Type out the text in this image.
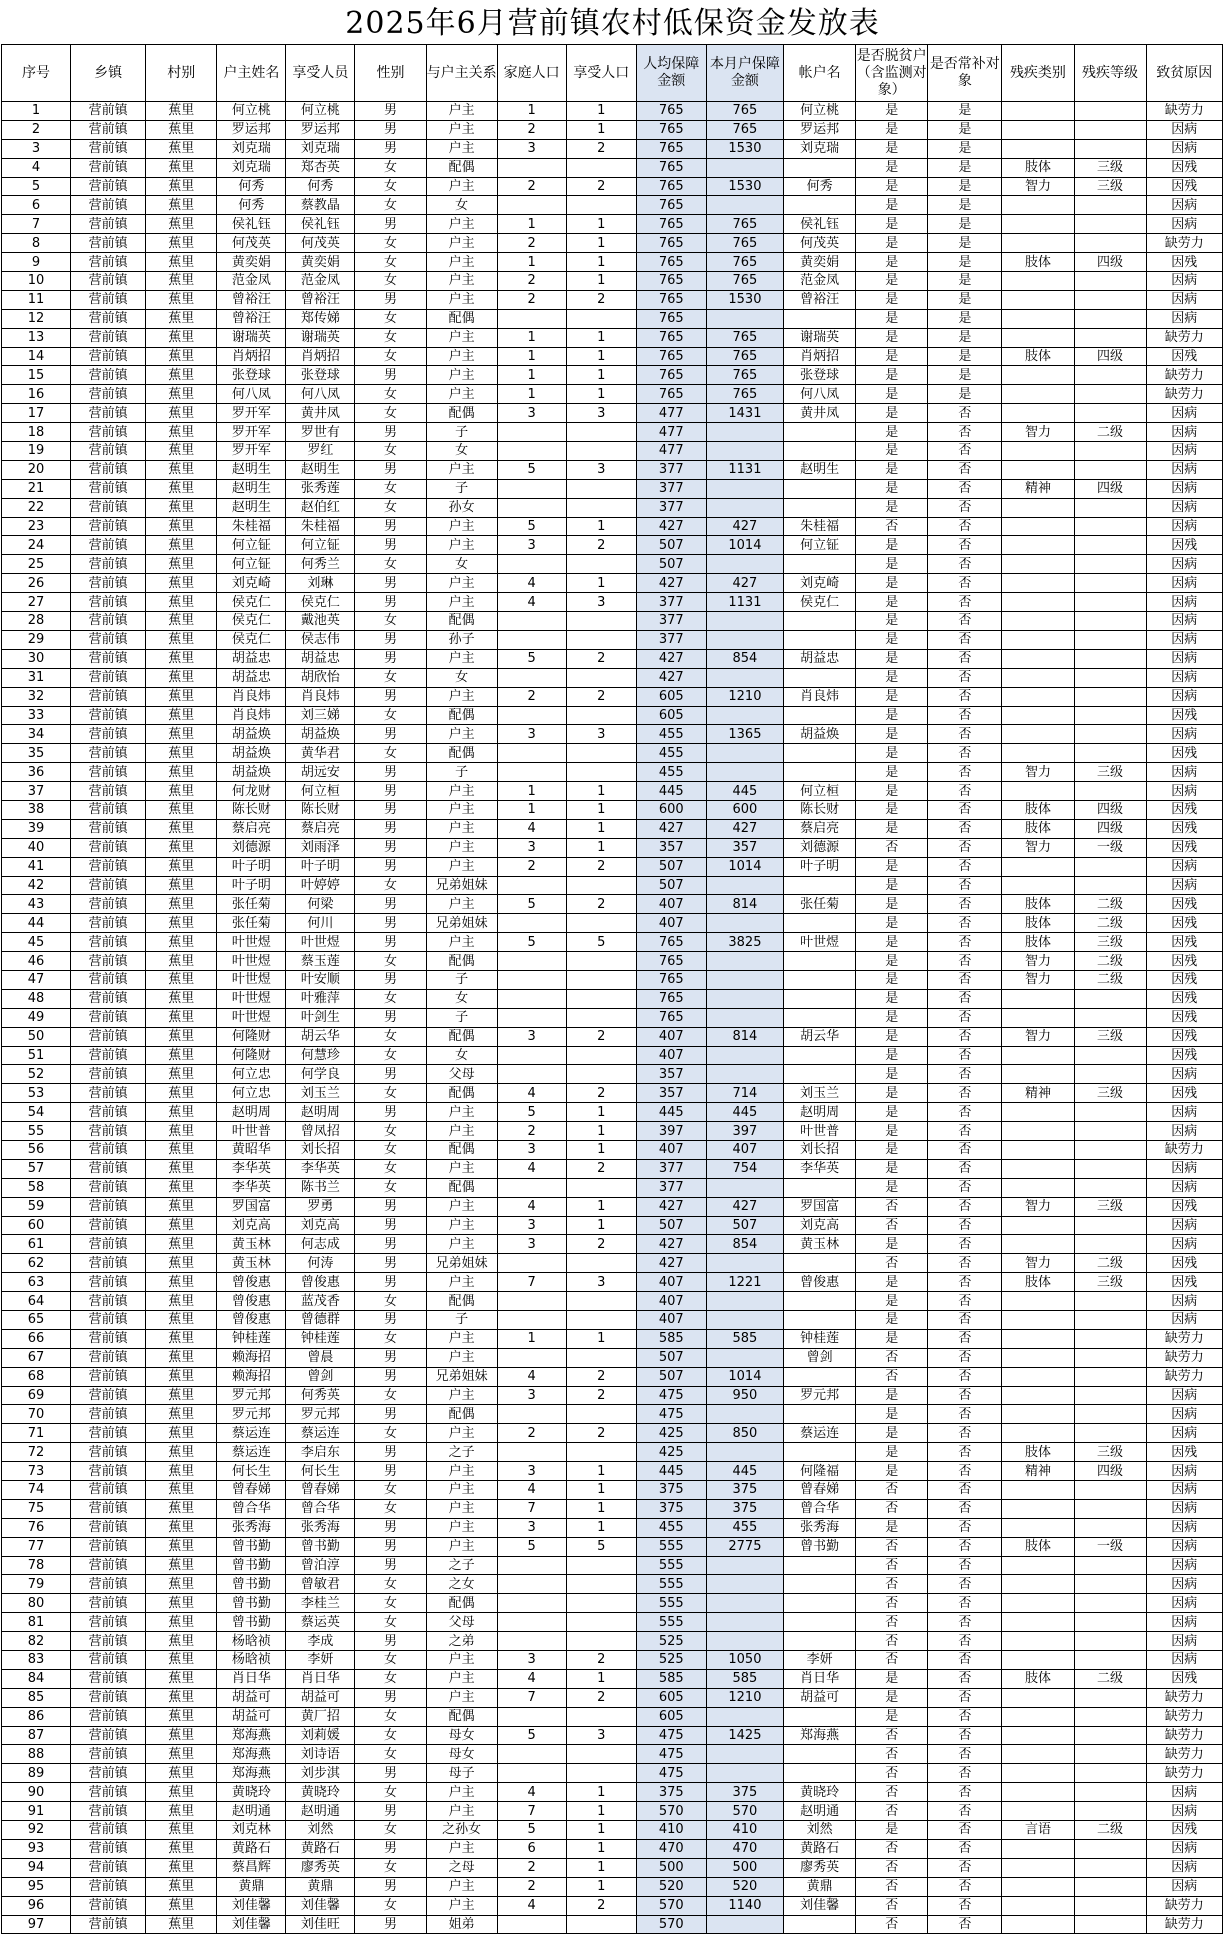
2025年6月营前镇农村低保资金发放表
序号	乡镇	村别	户主姓名	享受人员	性别	与户主关系	家庭人口	享受人口	人均保障金额	本月户保障金额	帐户名	是否脱贫户（含监测对象）	是否常补对象	残疾类别	残疾等级	致贫原因
1	营前镇	蕉里	何立桃	何立桃	男	户主	1	1	765	765	何立桃	是	是			缺劳力
2	营前镇	蕉里	罗运邦	罗运邦	男	户主	2	1	765	765	罗运邦	是	是			因病
3	营前镇	蕉里	刘克瑞	刘克瑞	男	户主	3	2	765	1530	刘克瑞	是	是			因病
4	营前镇	蕉里	刘克瑞	郑杏英	女	配偶			765			是	是	肢体	三级	因残
5	营前镇	蕉里	何秀	何秀	女	户主	2	2	765	1530	何秀	是	是	智力	三级	因残
6	营前镇	蕉里	何秀	蔡教晶	女	女			765			是	是			因病
7	营前镇	蕉里	侯礼钰	侯礼钰	男	户主	1	1	765	765	侯礼钰	是	是			因病
8	营前镇	蕉里	何茂英	何茂英	女	户主	2	1	765	765	何茂英	是	是			缺劳力
9	营前镇	蕉里	黄奕娟	黄奕娟	女	户主	1	1	765	765	黄奕娟	是	是	肢体	四级	因残
10	营前镇	蕉里	范金凤	范金凤	女	户主	2	1	765	765	范金凤	是	是			因病
11	营前镇	蕉里	曾裕汪	曾裕汪	男	户主	2	2	765	1530	曾裕汪	是	是			因病
12	营前镇	蕉里	曾裕汪	郑传娣	女	配偶			765			是	是			因病
13	营前镇	蕉里	谢瑞英	谢瑞英	女	户主	1	1	765	765	谢瑞英	是	是			缺劳力
14	营前镇	蕉里	肖炳招	肖炳招	女	户主	1	1	765	765	肖炳招	是	是	肢体	四级	因残
15	营前镇	蕉里	张登球	张登球	男	户主	1	1	765	765	张登球	是	是			缺劳力
16	营前镇	蕉里	何八凤	何八凤	女	户主	1	1	765	765	何八凤	是	是			缺劳力
17	营前镇	蕉里	罗开军	黄井凤	女	配偶	3	3	477	1431	黄井凤	是	否			因病
18	营前镇	蕉里	罗开军	罗世有	男	子			477			是	否	智力	二级	因病
19	营前镇	蕉里	罗开军	罗红	女	女			477			是	否			因病
20	营前镇	蕉里	赵明生	赵明生	男	户主	5	3	377	1131	赵明生	是	否			因病
21	营前镇	蕉里	赵明生	张秀莲	女	子			377			是	否	精神	四级	因病
22	营前镇	蕉里	赵明生	赵伯红	女	孙女			377			是	否			因病
23	营前镇	蕉里	朱桂福	朱桂福	男	户主	5	1	427	427	朱桂福	否	否			因病
24	营前镇	蕉里	何立钲	何立钲	男	户主	3	2	507	1014	何立钲	是	否			因残
25	营前镇	蕉里	何立钲	何秀兰	女	女			507			是	否			因病
26	营前镇	蕉里	刘克崎	刘琳	男	户主	4	1	427	427	刘克崎	是	否			因病
27	营前镇	蕉里	侯克仁	侯克仁	男	户主	4	3	377	1131	侯克仁	是	否			因病
28	营前镇	蕉里	侯克仁	戴池英	女	配偶			377			是	否			因病
29	营前镇	蕉里	侯克仁	侯志伟	男	孙子			377			是	否			因病
30	营前镇	蕉里	胡益忠	胡益忠	男	户主	5	2	427	854	胡益忠	是	否			因病
31	营前镇	蕉里	胡益忠	胡欣怡	女	女			427			是	否			因病
32	营前镇	蕉里	肖良炜	肖良炜	男	户主	2	2	605	1210	肖良炜	是	否			因病
33	营前镇	蕉里	肖良炜	刘三娣	女	配偶			605			是	否			因残
34	营前镇	蕉里	胡益焕	胡益焕	男	户主	3	3	455	1365	胡益焕	是	否			因病
35	营前镇	蕉里	胡益焕	黄华君	女	配偶			455			是	否			因残
36	营前镇	蕉里	胡益焕	胡远安	男	子			455			是	否	智力	三级	因病
37	营前镇	蕉里	何龙财	何立桓	男	户主	1	1	445	445	何立桓	是	否			因病
38	营前镇	蕉里	陈长财	陈长财	男	户主	1	1	600	600	陈长财	是	否	肢体	四级	因残
39	营前镇	蕉里	蔡启亮	蔡启亮	男	户主	4	1	427	427	蔡启亮	是	否	肢体	四级	因残
40	营前镇	蕉里	刘德源	刘雨泽	男	户主	3	1	357	357	刘德源	否	否	智力	一级	因残
41	营前镇	蕉里	叶子明	叶子明	男	户主	2	2	507	1014	叶子明	是	否			因病
42	营前镇	蕉里	叶子明	叶婷婷	女	兄弟姐妹			507			是	否			因病
43	营前镇	蕉里	张任菊	何梁	男	户主	5	2	407	814	张任菊	是	否	肢体	二级	因残
44	营前镇	蕉里	张任菊	何川	男	兄弟姐妹			407			是	否	肢体	二级	因残
45	营前镇	蕉里	叶世煜	叶世煜	男	户主	5	5	765	3825	叶世煜	是	否	肢体	三级	因残
46	营前镇	蕉里	叶世煜	蔡玉莲	女	配偶			765			是	否	智力	二级	因残
47	营前镇	蕉里	叶世煜	叶安顺	男	子			765			是	否	智力	二级	因残
48	营前镇	蕉里	叶世煜	叶雅萍	女	女			765			是	否			因残
49	营前镇	蕉里	叶世煜	叶剑生	男	子			765			是	否			因残
50	营前镇	蕉里	何隆财	胡云华	女	配偶	3	2	407	814	胡云华	是	否	智力	三级	因残
51	营前镇	蕉里	何隆财	何慧珍	女	女			407			是	否			因残
52	营前镇	蕉里	何立忠	何学良	男	父母			357			是	否			因病
53	营前镇	蕉里	何立忠	刘玉兰	女	配偶	4	2	357	714	刘玉兰	是	否	精神	三级	因残
54	营前镇	蕉里	赵明周	赵明周	男	户主	5	1	445	445	赵明周	是	否			因病
55	营前镇	蕉里	叶世普	曾凤招	女	户主	2	1	397	397	叶世普	是	否			因病
56	营前镇	蕉里	黄昭华	刘长招	女	配偶	3	1	407	407	刘长招	是	否			缺劳力
57	营前镇	蕉里	李华英	李华英	女	户主	4	2	377	754	李华英	是	否			因病
58	营前镇	蕉里	李华英	陈书兰	女	配偶			377			是	否			因病
59	营前镇	蕉里	罗国富	罗勇	男	户主	4	1	427	427	罗国富	否	否	智力	三级	因残
60	营前镇	蕉里	刘克高	刘克高	男	户主	3	1	507	507	刘克高	否	否			因病
61	营前镇	蕉里	黄玉林	何志成	男	户主	3	2	427	854	黄玉林	是	否			因病
62	营前镇	蕉里	黄玉林	何涛	男	兄弟姐妹			427			否	否	智力	二级	因残
63	营前镇	蕉里	曾俊惠	曾俊惠	男	户主	7	3	407	1221	曾俊惠	是	否	肢体	三级	因残
64	营前镇	蕉里	曾俊惠	蓝茂香	女	配偶			407			是	否			因病
65	营前镇	蕉里	曾俊惠	曾德群	男	子			407			是	否			因病
66	营前镇	蕉里	钟桂莲	钟桂莲	女	户主	1	1	585	585	钟桂莲	是	否			缺劳力
67	营前镇	蕉里	赖海招	曾晨	男	户主			507		曾剑	否	否			缺劳力
68	营前镇	蕉里	赖海招	曾剑	男	兄弟姐妹	4	2	507	1014		否	否			缺劳力
69	营前镇	蕉里	罗元邦	何秀英	女	户主	3	2	475	950	罗元邦	是	否			因病
70	营前镇	蕉里	罗元邦	罗元邦	男	配偶			475			是	否			因病
71	营前镇	蕉里	蔡运连	蔡运连	女	户主	2	2	425	850	蔡运连	是	否			因病
72	营前镇	蕉里	蔡运连	李启东	男	之子			425			是	否	肢体	三级	因残
73	营前镇	蕉里	何长生	何长生	男	户主	3	1	445	445	何隆福	是	否	精神	四级	因病
74	营前镇	蕉里	曾春娣	曾春娣	女	户主	4	1	375	375	曾春娣	否	否			因病
75	营前镇	蕉里	曾合华	曾合华	女	户主	7	1	375	375	曾合华	否	否			因病
76	营前镇	蕉里	张秀海	张秀海	男	户主	3	1	455	455	张秀海	是	否			因病
77	营前镇	蕉里	曾书勤	曾书勤	男	户主	5	5	555	2775	曾书勤	否	否	肢体	一级	因病
78	营前镇	蕉里	曾书勤	曾泊淳	男	之子			555			否	否			因病
79	营前镇	蕉里	曾书勤	曾敏君	女	之女			555			否	否			因病
80	营前镇	蕉里	曾书勤	李桂兰	女	配偶			555			否	否			因病
81	营前镇	蕉里	曾书勤	蔡运英	女	父母			555			否	否			因病
82	营前镇	蕉里	杨晗祯	李成	男	之弟			525			否	否			因病
83	营前镇	蕉里	杨晗祯	李妍	女	户主	3	2	525	1050	李妍	否	否			因病
84	营前镇	蕉里	肖日华	肖日华	女	户主	4	1	585	585	肖日华	是	否	肢体	二级	因残
85	营前镇	蕉里	胡益可	胡益可	男	户主	7	2	605	1210	胡益可	是	否			缺劳力
86	营前镇	蕉里	胡益可	黄厂招	女	配偶			605			是	否			缺劳力
87	营前镇	蕉里	郑海燕	刘莉媛	女	母女	5	3	475	1425	郑海燕	否	否			缺劳力
88	营前镇	蕉里	郑海燕	刘诗语	女	母女			475			否	否			缺劳力
89	营前镇	蕉里	郑海燕	刘步淇	男	母子			475			否	否			缺劳力
90	营前镇	蕉里	黄晓玲	黄晓玲	女	户主	4	1	375	375	黄晓玲	否	否			因病
91	营前镇	蕉里	赵明通	赵明通	男	户主	7	1	570	570	赵明通	否	否			因病
92	营前镇	蕉里	刘克林	刘然	女	之孙女	5	1	410	410	刘然	是	否	言语	二级	因残
93	营前镇	蕉里	黄路石	黄路石	男	户主	6	1	470	470	黄路石	否	否			因病
94	营前镇	蕉里	蔡昌辉	廖秀英	女	之母	2	1	500	500	廖秀英	否	否			因病
95	营前镇	蕉里	黄鼎	黄鼎	男	户主	2	1	520	520	黄鼎	否	否			因病
96	营前镇	蕉里	刘佳馨	刘佳馨	女	户主	4	2	570	1140	刘佳馨	否	否			缺劳力
97	营前镇	蕉里	刘佳馨	刘佳旺	男	姐弟			570			否	否			缺劳力
